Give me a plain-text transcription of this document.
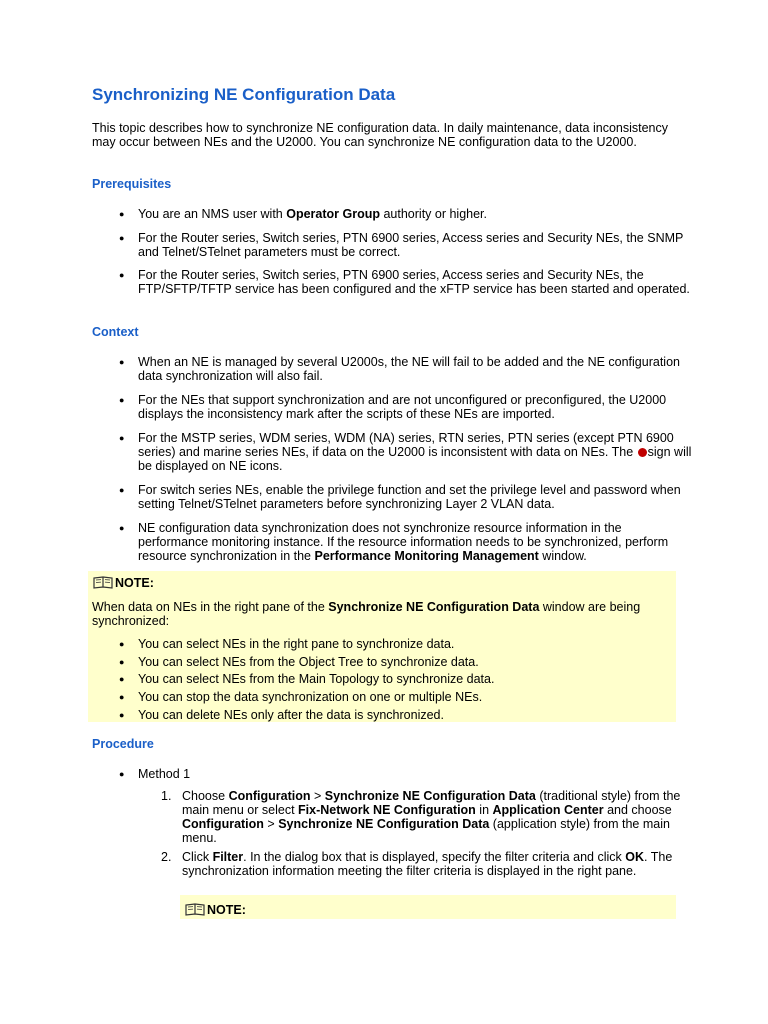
Synchronizing NE Configuration Data
This topic describes how to synchronize NE configuration data. In daily maintenance, data inconsistency may occur between NEs and the U2000. You can synchronize NE configuration data to the U2000.
Prerequisites
● You are an NMS user with Operator Group authority or higher.
● For the Router series, Switch series, PTN 6900 series, Access series and Security NEs, the SNMP and Telnet/STelnet parameters must be correct.
● For the Router series, Switch series, PTN 6900 series, Access series and Security NEs, the FTP/SFTP/TFTP service has been configured and the xFTP service has been started and operated.
Context
● When an NE is managed by several U2000s, the NE will fail to be added and the NE configuration data synchronization will also fail.
● For the NEs that support synchronization and are not unconfigured or preconfigured, the U2000 displays the inconsistency mark after the scripts of these NEs are imported.
● For the MSTP series, WDM series, WDM (NA) series, RTN series, PTN series (except PTN 6900 series) and marine series NEs, if data on the U2000 is inconsistent with data on NEs. The sign will be displayed on NE icons.
● For switch series NEs, enable the privilege function and set the privilege level and password when setting Telnet/STelnet parameters before synchronizing Layer 2 VLAN data.
● NE configuration data synchronization does not synchronize resource information in the performance monitoring instance. If the resource information needs to be synchronized, perform resource synchronization in the Performance Monitoring Management window.
NOTE:
When data on NEs in the right pane of the Synchronize NE Configuration Data window are being synchronized:
● You can select NEs in the right pane to synchronize data.
● You can select NEs from the Object Tree to synchronize data.
● You can select NEs from the Main Topology to synchronize data.
● You can stop the data synchronization on one or multiple NEs.
● You can delete NEs only after the data is synchronized.
Procedure
● Method 1
1. Choose Configuration > Synchronize NE Configuration Data (traditional style) from the main menu or select Fix-Network NE Configuration in Application Center and choose Configuration > Synchronize NE Configuration Data (application style) from the main menu.
2. Click Filter. In the dialog box that is displayed, specify the filter criteria and click OK. The synchronization information meeting the filter criteria is displayed in the right pane.
NOTE:
